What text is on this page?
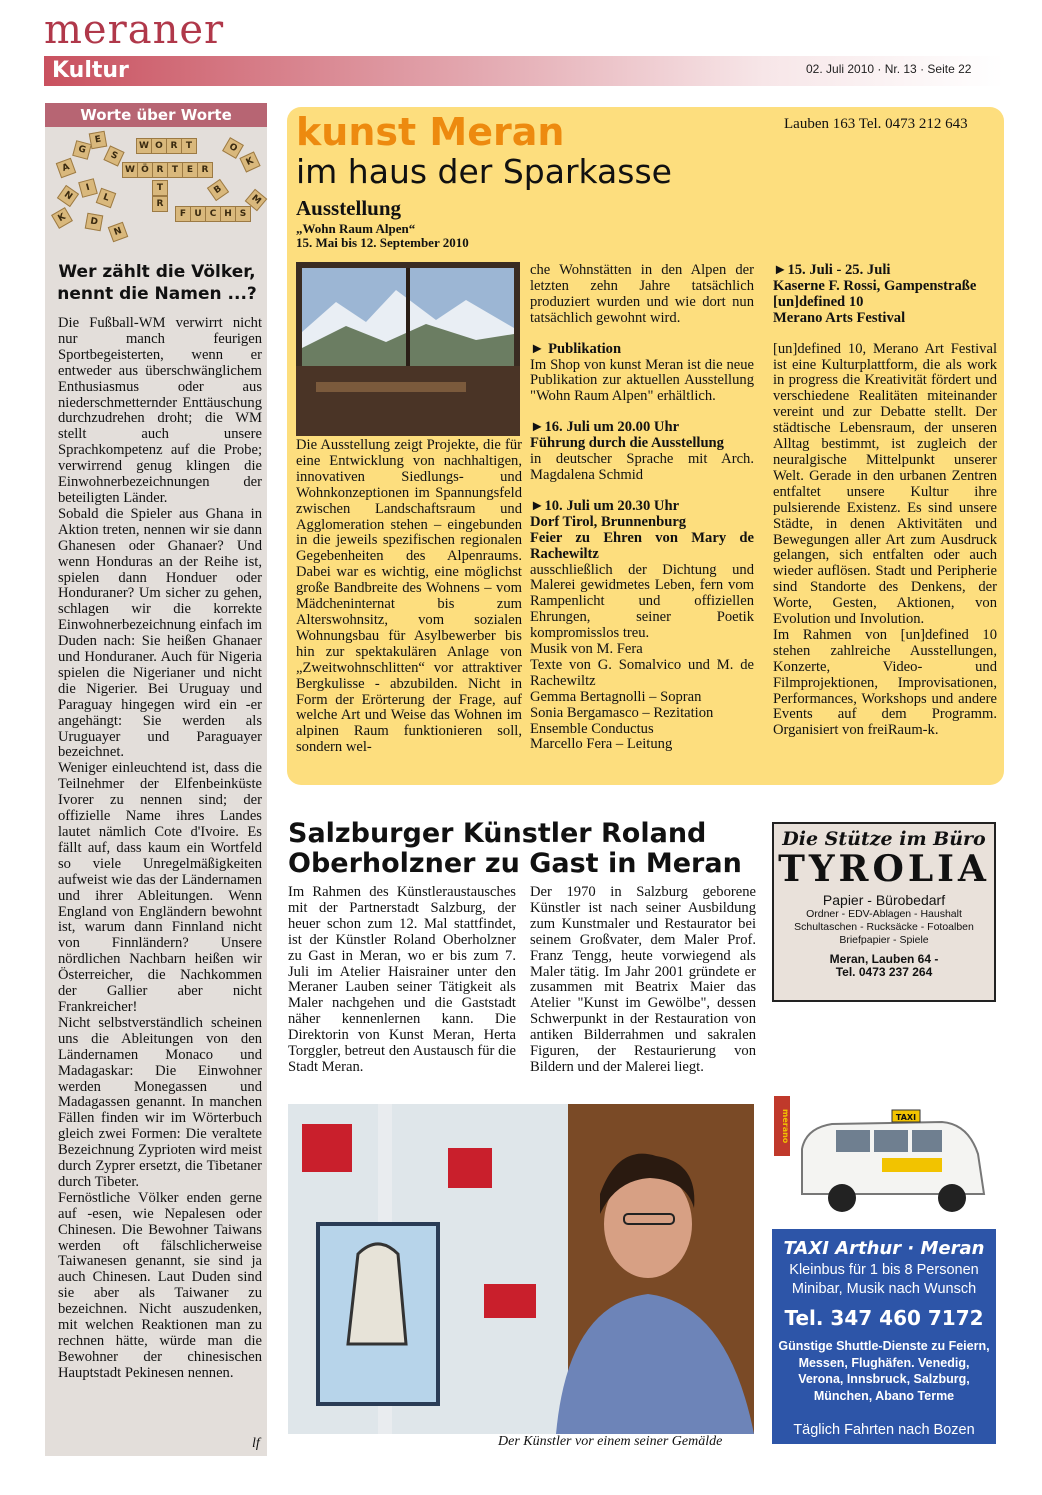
meraner
Kultur	02. Juli 2010 · Nr. 13 · Seite 22
Worte über Worte
A
G
E
S
W O R T
W Ö R T E R
T
R
F U C H S
O
K
N
I
L
K	D
N
M
B
Wer zählt die Völker, nennt die Namen ...?

Die Fußball-WM verwirrt nicht nur manch feurigen Sportbegeisterten, wenn er entweder aus überschwänglichem Enthusiasmus oder aus niederschmetternder Enttäuschung durchzudrehen droht; die WM stellt auch unsere Sprachkompetenz auf die Probe; verwirrend genug klingen die Einwohnerbezeichnungen der beteiligten Länder.

Sobald die Spieler aus Ghana in Aktion treten, nennen wir sie dann Ghanesen oder Ghanaer? Und wenn Honduras an der Reihe ist, spielen dann Honduer oder Honduraner? Um sicher zu gehen, schlagen wir die korrekte Einwohnerbezeichnung einfach im Duden nach: Sie heißen Ghanaer und Honduraner. Auch für Nigeria spielen die Nigerianer und nicht die Nigerier. Bei Uruguay und Paraguay hingegen wird ein -er angehängt: Sie werden als Uruguayer und Paraguayer bezeichnet.

Weniger einleuchtend ist, dass die Teilnehmer der Elfenbeinküste Ivorer zu nennen sind; der offizielle Name ihres Landes lautet nämlich Cote d'Ivoire. Es fällt auf, dass kaum ein Wortfeld so viele Unregelmäßigkeiten aufweist wie das der Ländernamen und ihrer Ableitungen. Wenn England von Engländern bewohnt ist, warum dann Finnland nicht von Finnländern? Unsere nördlichen Nachbarn heißen wir Österreicher, die Nachkommen der Gallier aber nicht Frankreicher!

Nicht selbstverständlich scheinen uns die Ableitungen von den Ländernamen Monaco und Madagaskar: Die Einwohner werden Monegassen und Madagassen genannt. In manchen Fällen finden wir im Wörterbuch gleich zwei Formen: Die veraltete Bezeichnung Zyprioten wird meist durch Zyprer ersetzt, die Tibetaner durch Tibeter.

Fernöstliche Völker enden gerne auf -esen, wie Nepalesen oder Chinesen. Die Bewohner Taiwans werden oft fälschlicherweise Taiwanesen genannt, sie sind ja auch Chinesen. Laut Duden sind sie aber als Taiwaner zu bezeichnen. Nicht auszudenken, mit welchen Reaktionen man zu rechnen hätte, würde man die Bewohner der chinesischen Hauptstadt Pekinesen nennen.

lf
kunst Meran
im haus der Sparkasse
Lauben 163 Tel. 0473 212 643
Ausstellung
„Wohn Raum Alpen“
15. Mai bis 12. September 2010

Die Ausstellung zeigt Projekte, die für eine Entwicklung von nachhaltigen, innovativen Siedlungs- und Wohnkonzeptionen im Spannungsfeld zwischen Landschaftsraum und Agglomeration stehen – eingebunden in die jeweils spezifischen regionalen Gegebenheiten des Alpenraums. Dabei war es wichtig, eine möglichst große Bandbreite des Wohnens – vom Mädcheninternat bis zum Alterswohnsitz, vom sozialen Wohnungsbau für Asylbewerber bis hin zur spektakulären Anlage von „Zweitwohnschlitten“ vor attraktiver Bergkulisse - abzubilden. Nicht in Form der Erörterung der Frage, auf welche Art und Weise das Wohnen im alpinen Raum funktionieren soll, sondern wel-

che Wohnstätten in den Alpen der letzten zehn Jahre tatsächlich produziert wurden und wie dort nun tatsächlich gewohnt wird.

► Publikation

Im Shop von kunst Meran ist die neue Publikation zur aktuellen Ausstellung "Wohn Raum Alpen" erhältlich.

►16. Juli um 20.00 Uhr

Führung durch die Ausstellung

in deutscher Sprache mit Arch. Magdalena Schmid

►10. Juli um 20.30 Uhr

Dorf Tirol, Brunnenburg

Feier zu Ehren von Mary de Rachewiltz

ausschließlich der Dichtung und Malerei gewidmetes Leben, fern vom Rampenlicht und offiziellen Ehrungen, seiner Poetik kompromisslos treu.

Musik von M. Fera

Texte von G. Somalvico und M. de Rachewiltz

Gemma Bertagnolli – Sopran

Sonia Bergamasco – Rezitation

Ensemble Conductus

Marcello Fera – Leitung

►15. Juli - 25. Juli

Kaserne F. Rossi, Gampenstraße

[un]defined 10

Merano Arts Festival

[un]defined 10, Merano Art Festival ist eine Kulturplattform, die als work in progress die Kreativität fördert und verschiedene Realitäten miteinander vereint und zur Debatte stellt. Der städtische Lebensraum, der unseren Alltag bestimmt, ist zugleich der neuralgische Mittelpunkt unserer Welt. Gerade in den urbanen Zentren entfaltet unsere Kultur ihre pulsierende Existenz. Es sind unsere Städte, in denen Aktivitäten und Bewegungen aller Art zum Ausdruck gelangen, sich entfalten oder auch wieder auflösen. Stadt und Peripherie sind Standorte des Denkens, der Worte, Gesten, Aktionen, von Evolution und Involution.

Im Rahmen von [un]defined 10 stehen zahlreiche Ausstellungen, Konzerte, Video- und Filmprojektionen, Improvisationen, Performances, Workshops und andere Events auf dem Programm. Organisiert von freiRaum-k.

Salzburger Künstler Roland Oberholzner zu Gast in Meran

Im Rahmen des Künstleraustausches mit der Partnerstadt Salzburg, der heuer schon zum 12. Mal stattfindet, ist der Künstler Roland Oberholzner zu Gast in Meran, wo er bis zum 7. Juli im Atelier Haisrainer unter den Meraner Lauben seiner Tätigkeit als Maler nachgehen und die Gaststadt näher kennenlernen kann. Die Direktorin von Kunst Meran, Herta Torggler, betreut den Austausch für die Stadt Meran.

Der 1970 in Salzburg geborene Künstler ist nach seiner Ausbildung zum Kunstmaler und Restaurator bei seinem Großvater, dem Maler Prof. Franz Tengg, heute vorwiegend als Maler tätig. Im Jahr 2001 gründete er zusammen mit Beatrix Maier das Atelier "Kunst im Gewölbe", dessen Schwerpunkt in der Restauration von antiken Bilderrahmen und sakralen Figuren, der Restaurierung von Bildern und der Malerei liegt.

Der Künstler vor einem seiner Gemälde
Die Stütze im Büro
TYROLIA
Papier - Bürobedarf
Ordner - EDV-Ablagen - Haushalt
Schultaschen - Rucksäcke - Fotoalben
Briefpapier - Spiele
Meran, Lauben 64 -
Tel. 0473 237 264
TAXI
merano
TAXI Arthur · Meran
Kleinbus für 1 bis 8 Personen
Minibar, Musik nach Wunsch
Tel. 347 460 7172
Günstige Shuttle-Dienste zu Feiern, Messen, Flughäfen. Venedig, Verona, Innsbruck, Salzburg, München, Abano Terme
Täglich Fahrten nach Bozen
